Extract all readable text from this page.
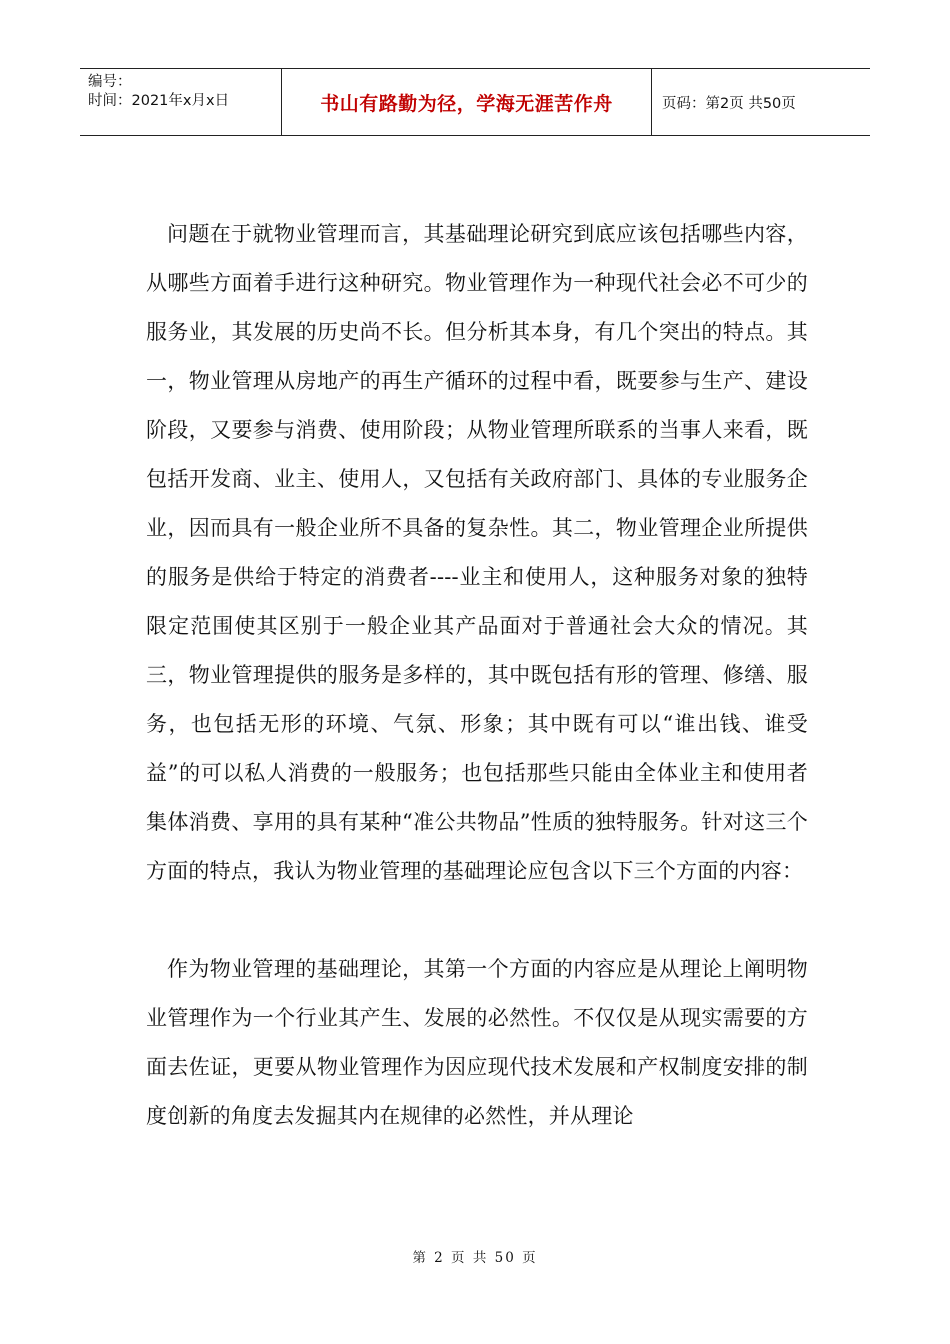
编号：
时间：2021年x月x日	书山有路勤为径，学海无涯苦作舟	页码：第2页 共50页

问题在于就物业管理而言，其基础理论研究到底应该包括哪些内容，从哪些方面着手进行这种研究。物业管理作为一种现代社会必不可少的服务业，其发展的历史尚不长。但分析其本身，有几个突出的特点。其一，物业管理从房地产的再生产循环的过程中看，既要参与生产、建设阶段，又要参与消费、使用阶段；从物业管理所联系的当事人来看，既包括开发商、业主、使用人，又包括有关政府部门、具体的专业服务企业，因而具有一般企业所不具备的复杂性。其二，物业管理企业所提供的服务是供给于特定的消费者----业主和使用人，这种服务对象的独特限定范围使其区别于一般企业其产品面对于普通社会大众的情况。其三，物业管理提供的服务是多样的，其中既包括有形的管理、修缮、服务，也包括无形的环境、气氛、形象；其中既有可以“谁出钱、谁受益”的可以私人消费的一般服务；也包括那些只能由全体业主和使用者集体消费、享用的具有某种“准公共物品”性质的独特服务。针对这三个方面的特点，我认为物业管理的基础理论应包含以下三个方面的内容：

作为物业管理的基础理论，其第一个方面的内容应是从理论上阐明物业管理作为一个行业其产生、发展的必然性。不仅仅是从现实需要的方面去佐证，更要从物业管理作为因应现代技术发展和产权制度安排的制度创新的角度去发掘其内在规律的必然性，并从理论

第 2 页 共 50 页
